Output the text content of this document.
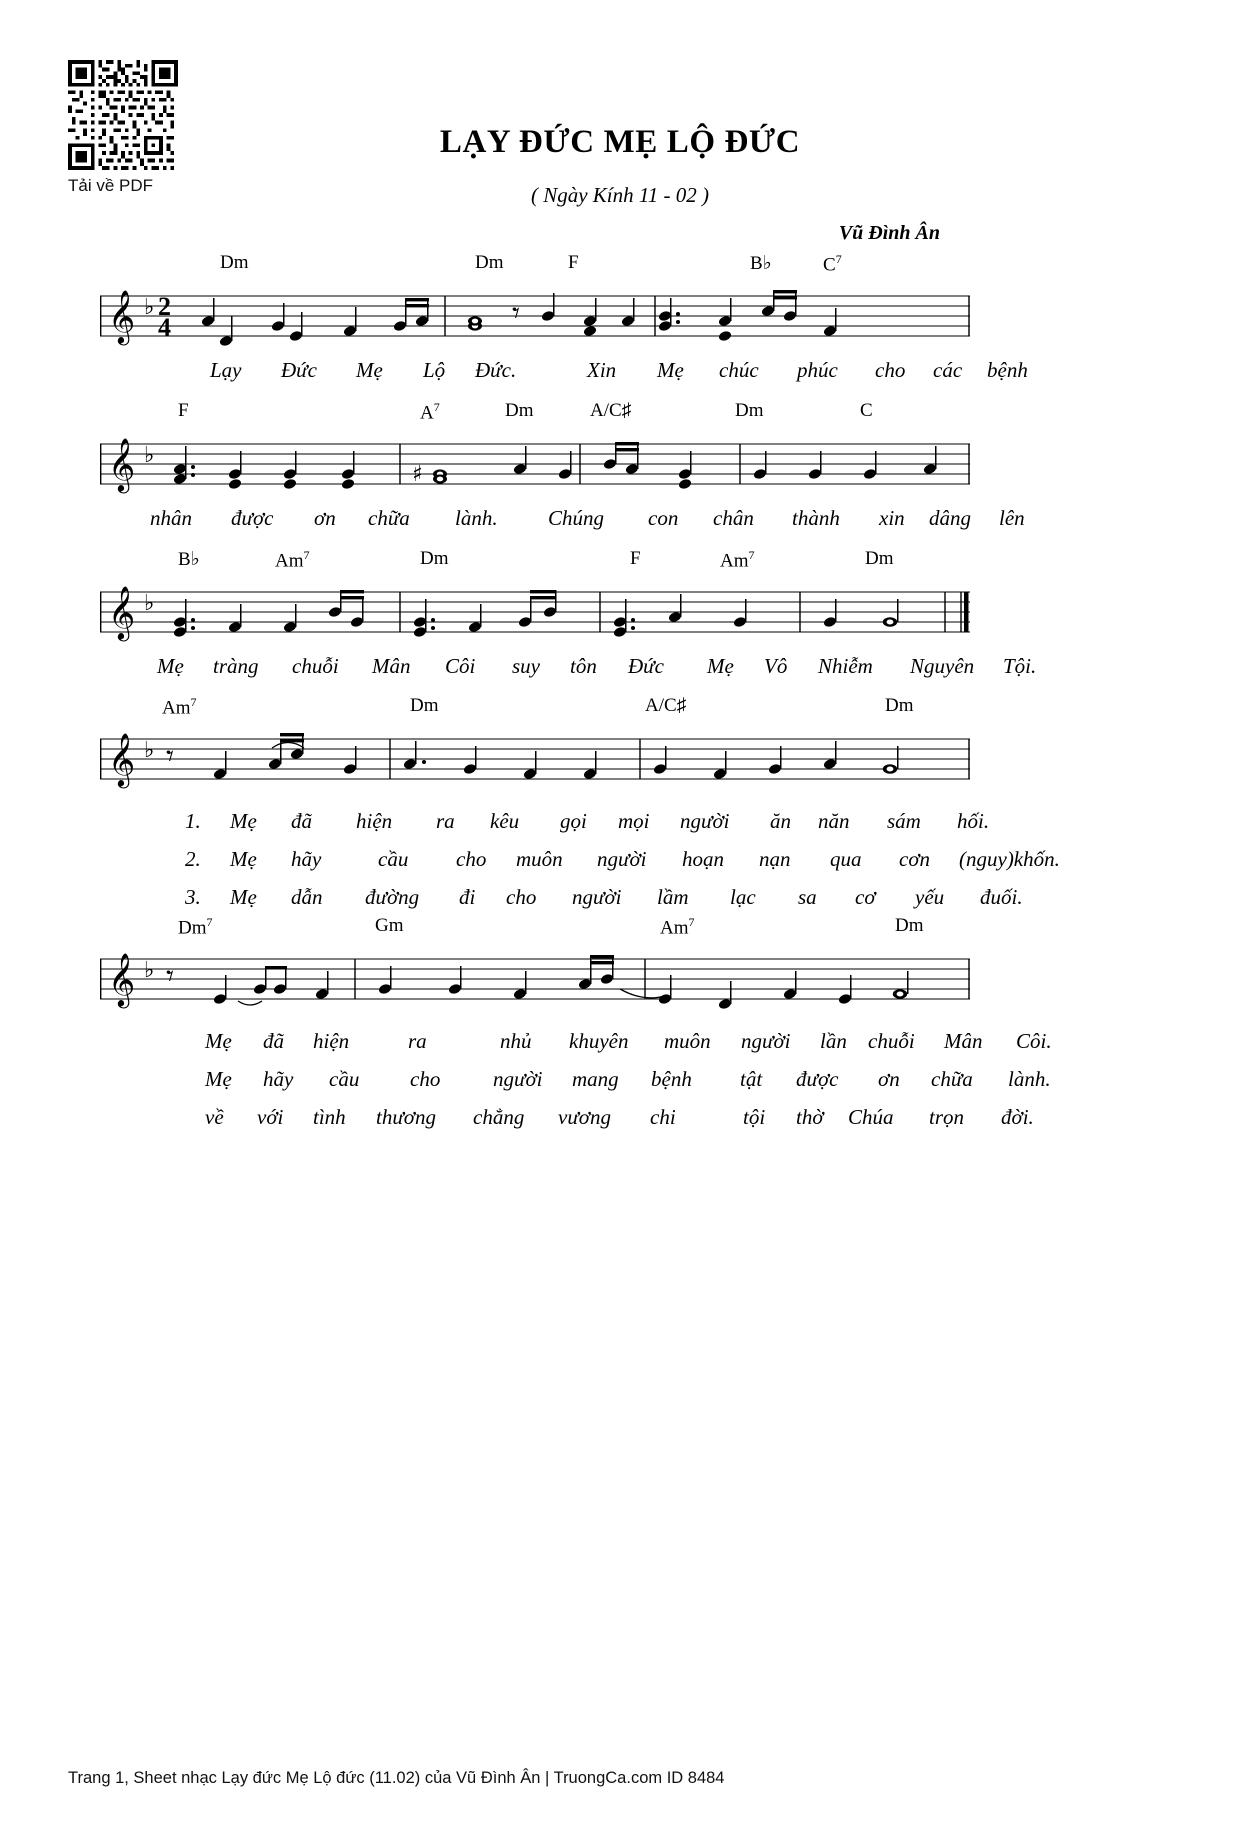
Tải về PDF
LẠY ĐỨC MẸ LỘ ĐỨC
( Ngày Kính 11 - 02 )
Vũ Đình Ân
Dm	Dm	F	B♭	$C^7$
𝄞 ♭ 2
4	𝄾
Lạy Đức Mẹ Lộ Đức.	Xin Mẹ chúc phúc cho các bệnh
F	$A^7$	Dm	A/C♯	Dm	C
𝄞 ♭
♯
nhân được ơn chữa lành. Chúng con chân thành xin dâng lên
B♭	Am$^7$	Dm	F	Am$^7$	Dm
𝄞 ♭
Mẹ tràng chuỗi Mân Côi suy tôn Đức Mẹ Vô Nhiễm Nguyên Tội.
Am$^7$	Dm	A/C♯	Dm
𝄞 ♭ 𝄾
1. Mẹ đã hiện ra kêu gọi mọi người ăn năn sám hối.
2. Mẹ hãy	cầu cho muôn người hoạn nạn qua cơn (nguy)khốn.
3. Mẹ dẫn đường đi cho người lầm lạc sa cơ yếu đuối.
Dm$^7$	Gm	Am$^7$	Dm
𝄞 ♭ 𝄾
Mẹ đã hiện	ra	nhủ khuyên muôn người lần chuỗi Mân Côi.
Mẹ hãy cầu cho	người mang bệnh tật được ơn chữa lành.
về với tình thương chẳng vương chi	tội thờ Chúa trọn đời.
Trang 1, Sheet nhạc Lạy đức Mẹ Lộ đức (11.02) của Vũ Đình Ân | TruongCa.com ID 8484
